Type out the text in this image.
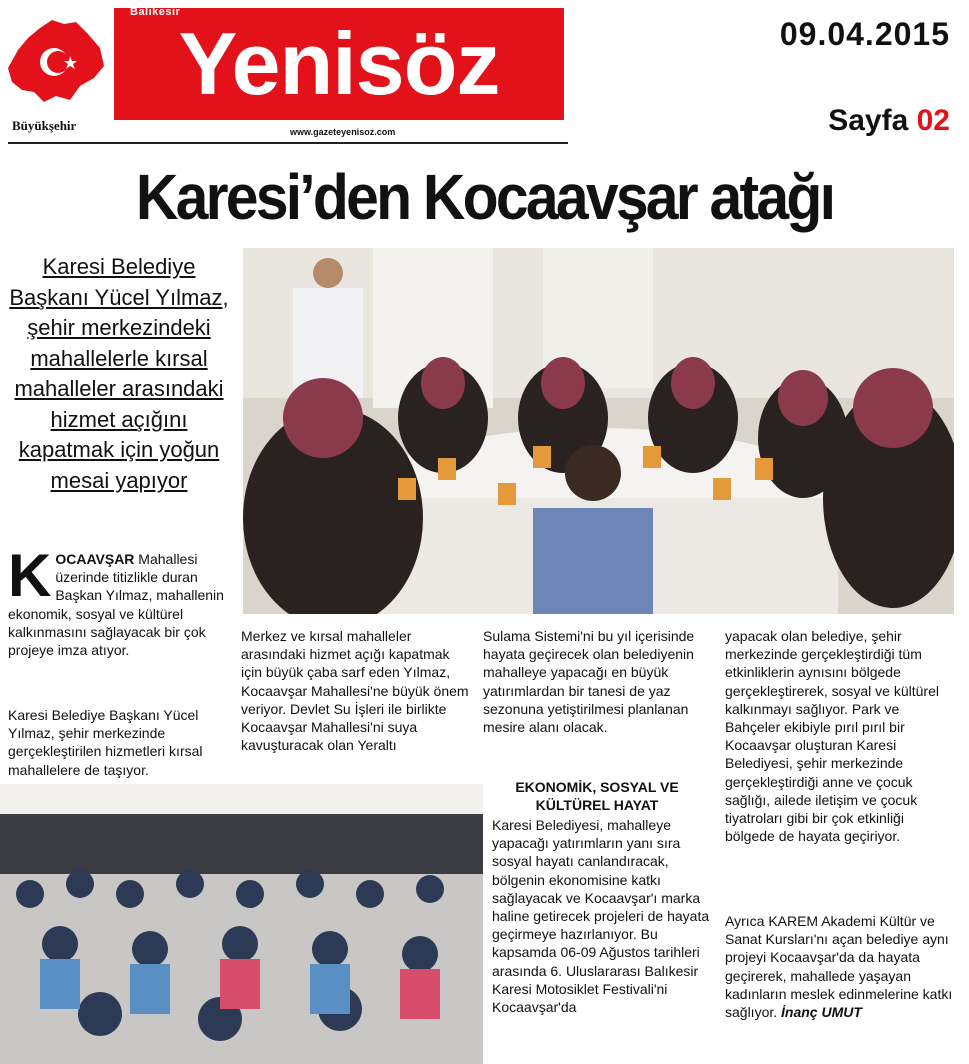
Yenisöz
Balıkesir
Büyükşehir	www.gazeteyenisoz.com
09.04.2015
Sayfa 02
Karesi’den Kocaavşar atağı
Karesi Belediye Başkanı Yücel Yılmaz, şehir merkezindeki mahallelerle kırsal mahalleler arasındaki hizmet açığını kapatmak için yoğun mesai yapıyor
KOCAAVŞAR Mahallesi üzerinde titizlikle duran Başkan Yılmaz, mahallenin ekonomik, sosyal ve kültürel kalkınmasını sağlayacak bir çok projeye imza atıyor.
Karesi Belediye Başkanı Yücel Yılmaz, şehir merkezinde gerçekleştirilen hizmetleri kırsal mahallelere de taşıyor.
Merkez ve kırsal mahalleler arasındaki hizmet açığı kapatmak için büyük çaba sarf eden Yılmaz, Kocaavşar Mahallesi'ne büyük önem veriyor. Devlet Su İşleri ile birlikte Kocaavşar Mahallesi'ni suya kavuşturacak olan Yeraltı
Sulama Sistemi'ni bu yıl içerisinde hayata geçirecek olan belediyenin mahalleye yapacağı en büyük yatırımlardan bir tanesi de yaz sezonuna yetiştirilmesi planlanan mesire alanı olacak.
EKONOMİK, SOSYAL VE KÜLTÜREL HAYAT
Karesi Belediyesi, mahalleye yapacağı yatırımların yanı sıra sosyal hayatı canlandıracak, bölgenin ekonomisine katkı sağlayacak ve Kocaavşar'ı marka haline getirecek projeleri de hayata geçirmeye hazırlanıyor. Bu kapsamda 06-09 Ağustos tarihleri arasında 6. Uluslararası Balıkesir Karesi Motosiklet Festivali'ni Kocaavşar'da
yapacak olan belediye, şehir merkezinde gerçekleştirdiği tüm etkinliklerin aynısını bölgede gerçekleştirerek, sosyal ve kültürel kalkınmayı sağlıyor. Park ve Bahçeler ekibiyle pırıl pırıl bir Kocaavşar oluşturan Karesi Belediyesi, şehir merkezinde gerçekleştirdiği anne ve çocuk sağlığı, ailede iletişim ve çocuk tiyatroları gibi bir çok etkinliği bölgede de hayata geçiriyor.
Ayrıca KAREM Akademi Kültür ve Sanat Kursları'nı açan belediye aynı projeyi Kocaavşar'da da hayata geçirerek, mahallede yaşayan kadınların meslek edinmelerine katkı sağlıyor. İnanç UMUT
